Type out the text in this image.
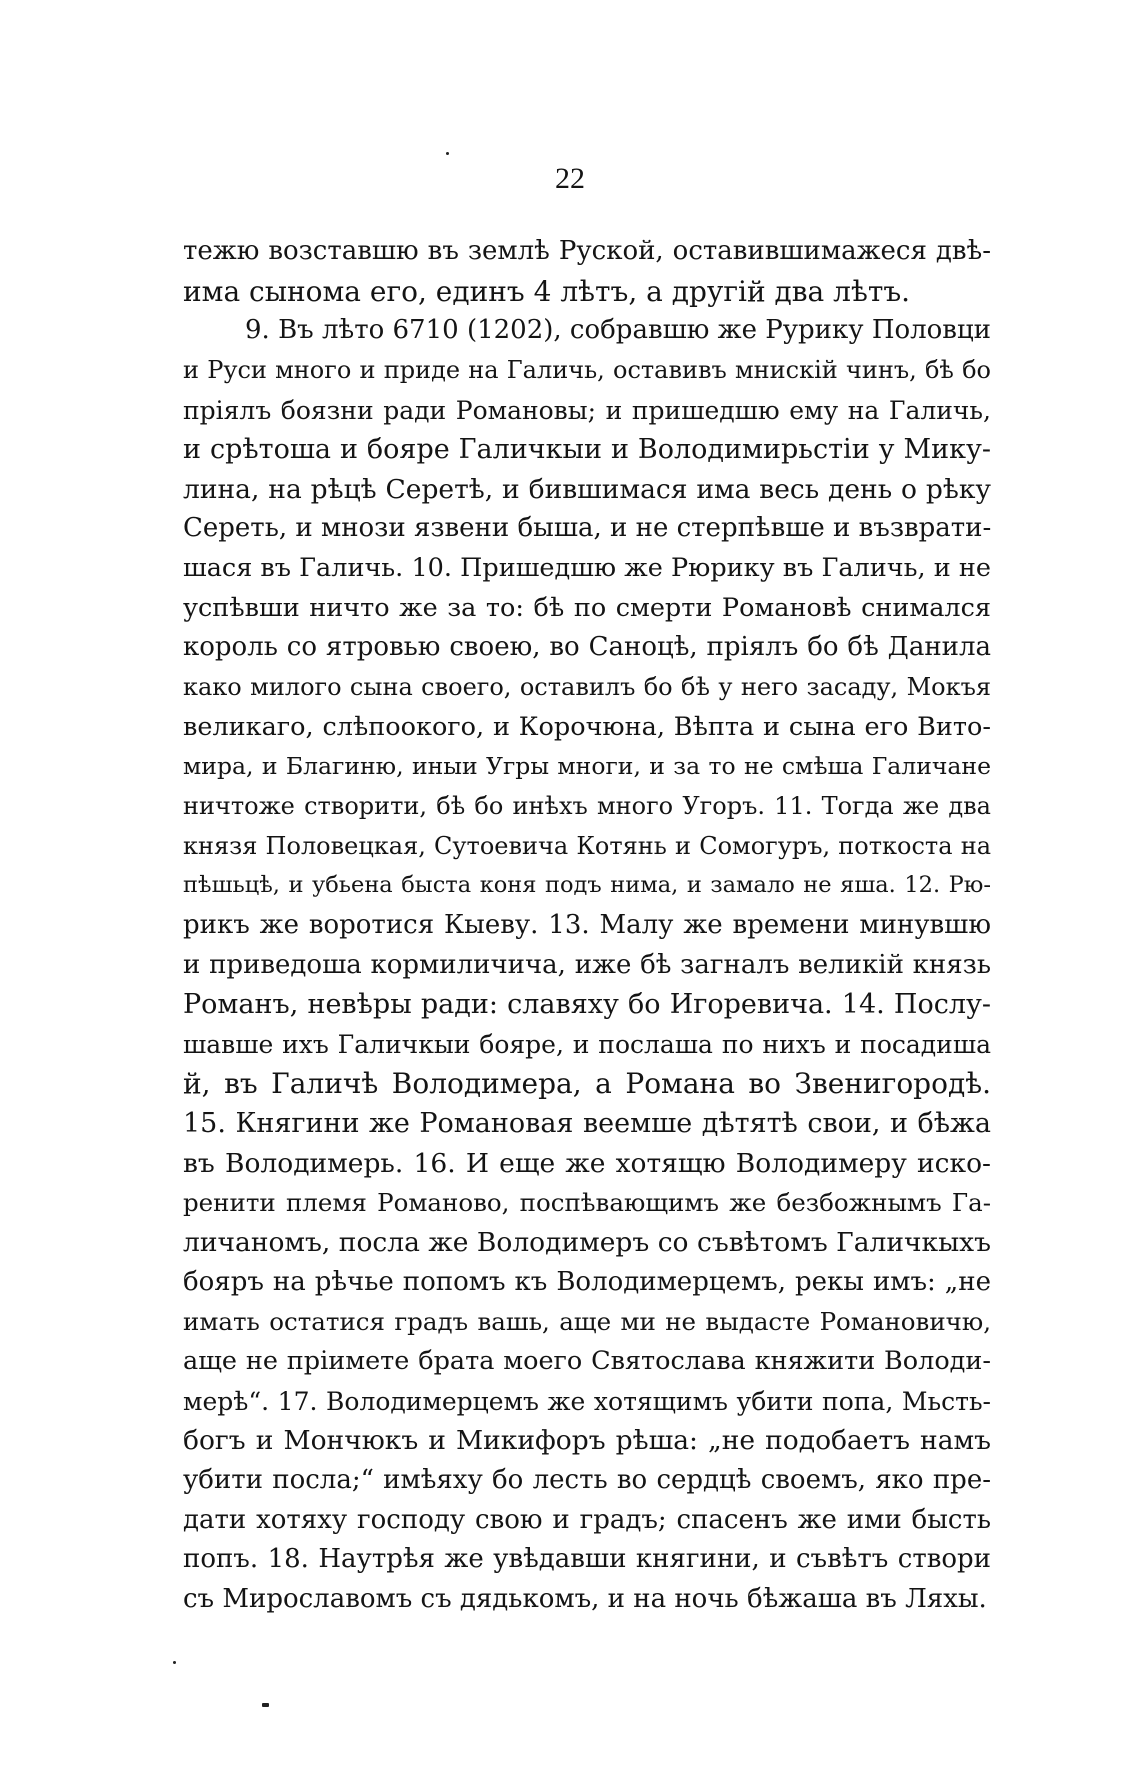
22
тежю возставшю въ землѣ Руской, оставившимажеся двѣ-
има сынома его, единъ 4 лѣтъ, а другій два лѣтъ.
9. Въ лѣто 6710 (1202), собравшю же Рурику Половци
и Руси много и приде на Галичь, оставивъ мнискій чинъ, бѣ бо
пріялъ боязни ради Романовы; и пришедшю ему на Галичь,
и срѣтоша и бояре Галичкыи и Володимирьстіи у Мику-
лина, на рѣцѣ Серетѣ, и бившимася има весь день о рѣку
Сереть, и мнози язвени быша, и не стерпѣвше и възврати-
шася въ Галичь. 10. Пришедшю же Рюрику въ Галичь, и не
успѣвши ничто же за то: бѣ по смерти Романовѣ снимался
король со ятровью своею, во Саноцѣ, пріялъ бо бѣ Данила
како милого сына своего, оставилъ бо бѣ у него засаду, Мокъя
великаго, слѣпоокого, и Корочюна, Вѣпта и сына его Вито-
мира, и Благиню, иныи Угры многи, и за то не смѣша Галичане
ничтоже створити, бѣ бо инѣхъ много Угоръ. 11. Тогда же два
князя Половецкая, Сутоевича Котянь и Сомогуръ, поткоста на
пѣшьцѣ, и убьена быста коня подъ нима, и замало не яша. 12. Рю-
рикъ же воротися Кыеву. 13. Малу же времени минувшю
и приведоша кормиличича, иже бѣ загналъ великій князь
Романъ, невѣры ради: славяху бо Игоревича. 14. Послу-
шавше ихъ Галичкыи бояре, и послаша по нихъ и посадиша
й, въ Галичѣ Володимера, а Романа во Звенигородѣ.
15. Княгини же Романовая веемше дѣтятѣ свои, и бѣжа
въ Володимерь. 16. И еще же хотящю Володимеру иско-
ренити племя Романово, поспѣвающимъ же безбожнымъ Га-
личаномъ, посла же Володимеръ со съвѣтомъ Галичкыхъ
бояръ на рѣчье попомъ къ Володимерцемъ, рекы имъ: „не
имать остатися градъ вашь, аще ми не выдасте Романовичю,
аще не пріимете брата моего Святослава княжити Володи-
мерѣ“. 17. Володимерцемъ же хотящимъ убити попа, Мьсть-
богъ и Мончюкъ и Микифоръ рѣша: „не подобаетъ намъ
убити посла;“ имѣяху бо лесть во сердцѣ своемъ, яко пре-
дати хотяху господу свою и градъ; спасенъ же ими бысть
попъ. 18. Наутрѣя же увѣдавши княгини, и съвѣтъ створи
съ Мирославомъ съ дядькомъ, и на ночь бѣжаша въ Ляхы.
